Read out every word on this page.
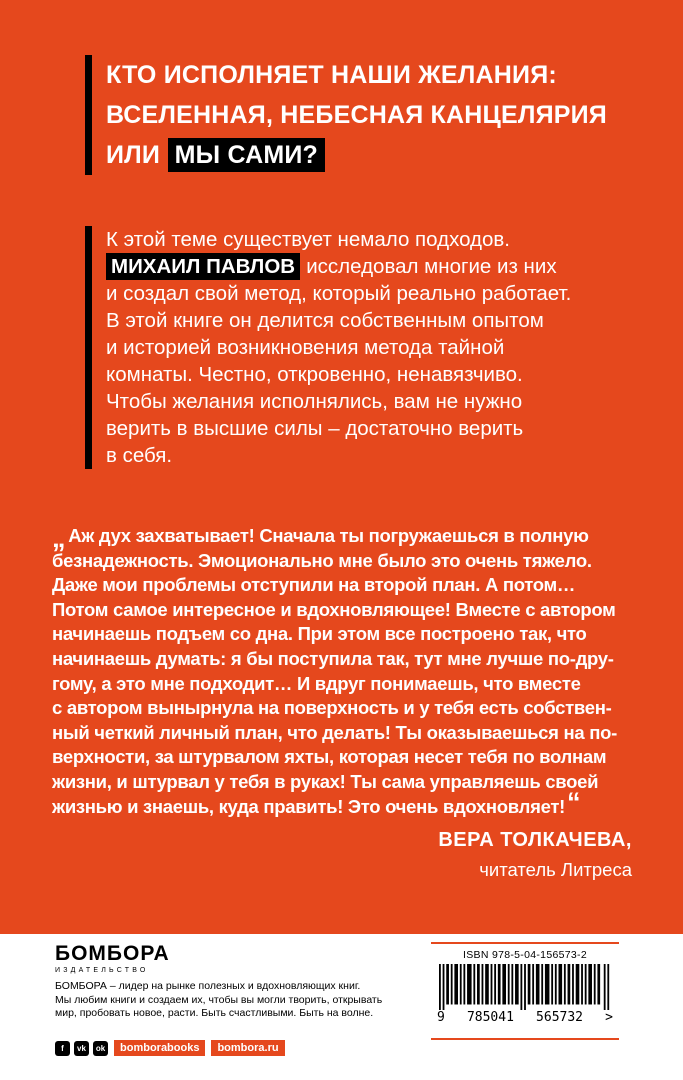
КТО ИСПОЛНЯЕТ НАШИ ЖЕЛАНИЯ:
ВСЕЛЕННАЯ, НЕБЕСНАЯ КАНЦЕЛЯРИЯ
ИЛИ МЫ САМИ?
К этой теме существует немало подходов.
МИХАИЛ ПАВЛОВ исследовал многие из них
и создал свой метод, который реально работает.
В этой книге он делится собственным опытом
и историей возникновения метода тайной
комнаты. Честно, откровенно, ненавязчиво.
Чтобы желания исполнялись, вам не нужно
верить в высшие силы – достаточно верить
в себя.
„ Аж дух захватывает! Сначала ты погружаешься в полную
безнадежность. Эмоционально мне было это очень тяжело.
Даже мои проблемы отступили на второй план. А потом…
Потом самое интересное и вдохновляющее! Вместе с автором
начинаешь подъем со дна. При этом все построено так, что
начинаешь думать: я бы поступила так, тут мне лучше по-дру-
гому, а это мне подходит… И вдруг понимаешь, что вместе
с автором вынырнула на поверхность и у тебя есть собствен-
ный четкий личный план, что делать! Ты оказываешься на по-
верхности, за штурвалом яхты, которая несет тебя по волнам
жизни, и штурвал у тебя в руках! Ты сама управляешь своей
жизнью и знаешь, куда править! Это очень вдохновляет!“
ВЕРА ТОЛКАЧЕВА,
читатель Литреса
БОМБОРА
ИЗДАТЕЛЬСТВО
БОМБОРА – лидер на рынке полезных и вдохновляющих книг.
Мы любим книги и создаем их, чтобы вы могли творить, открывать
мир, пробовать новое, расти. Быть счастливыми. Быть на волне.
f	vk	ok	bomborabooks	bombora.ru
ISBN 978-5-04-156573-2
9 785041 565732 >
